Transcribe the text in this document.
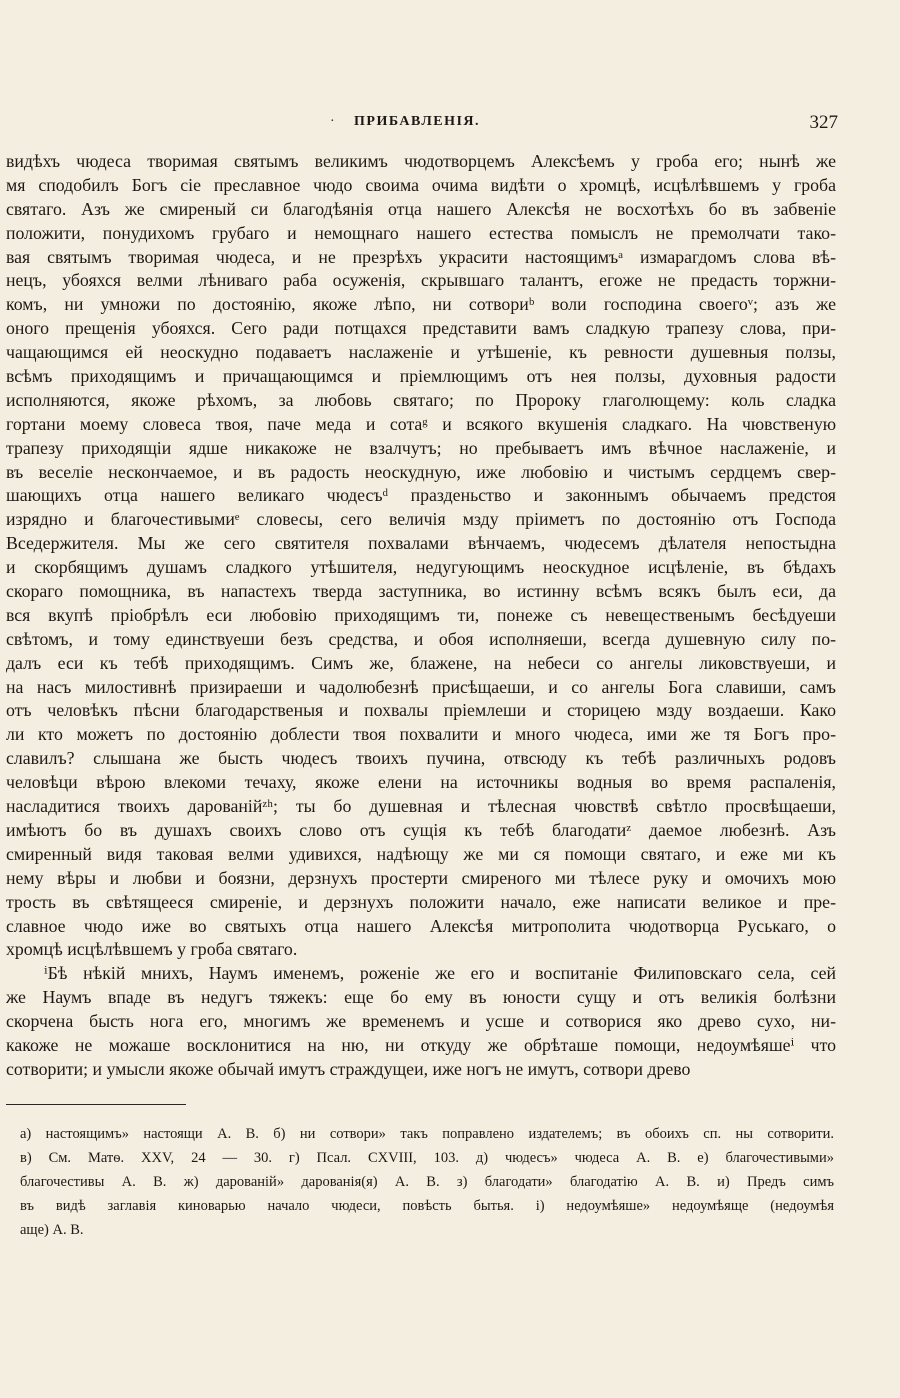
· ПРИБАВЛЕНІЯ.	327
видѣхъ чюдеса творимая святымъ великимъ чюдотворцемъ Алексѣемъ у гроба его; нынѣ же
мя сподобилъ Богъ сіе преславное чюдо своима очима видѣти о хромцѣ, исцѣлѣвшемъ у гроба
святаго. Азъ же смиреный си благодѣянія отца нашего Алексѣя не восхотѣхъ бо въ забвеніе
положити, понудихомъ грубаго и немощнаго нашего естества помыслъ не премолчати тако-
вая святымъ творимая чюдеса, и не презрѣхъ украсити настоящимъᵃ измарагдомъ слова вѣ-
нецъ, убояхся велми лѣниваго раба осуженія, скрывшаго талантъ, егоже не предасть торжни-
комъ, ни умножи по достоянію, якоже лѣпо, ни сотвориᵇ воли господина своегоᵛ; азъ же
оного прещенія убояхся. Сего ради потщахся представити вамъ сладкую трапезу слова, при-
чащающимся ей неоскудно подаваетъ наслаженіе и утѣшеніе, къ ревности душевныя ползы,
всѣмъ приходящимъ и причащающимся и пріемлющимъ отъ нея ползы, духовныя радости
исполняются, якоже рѣхомъ, за любовь святаго; по Пророку глаголющему: коль сладка
гортани моему словеса твоя, паче меда и сотаᵍ и всякого вкушенія сладкаго. На чювственую
трапезу приходящіи ядше никакоже не взалчутъ; но пребываетъ имъ вѣчное наслаженіе, и
въ веселіе нескончаемое, и въ радость неоскудную, иже любовію и чистымъ сердцемъ свер-
шающихъ отца нашего великаго чюдесъᵈ празденьство и законнымъ обычаемъ предстоя
изрядно и благочестивымиᵉ словесы, сего величія мзду пріиметъ по достоянію отъ Господа
Вседержителя. Мы же сего святителя похвалами вѣнчаемъ, чюдесемъ дѣлателя непостыдна
и скорбящимъ душамъ сладкого утѣшителя, недугующимъ неоскудное исцѣленіе, въ бѣдахъ
скораго помощника, въ напастехъ тверда заступника, во истинну всѣмъ всякъ былъ еси, да
вся вкупѣ пріобрѣлъ еси любовію приходящимъ ти, понеже съ невещественымъ бесѣдуеши
свѣтомъ, и тому единствуеши безъ средства, и обоя исполняеши, всегда душевную силу по-
далъ еси къ тебѣ приходящимъ. Симъ же, блажене, на небеси со ангелы ликовствуеши, и
на насъ милостивнѣ призираеши и чадолюбезнѣ присѣщаеши, и со ангелы Бога славиши, самъ
отъ человѣкъ пѣсни благодарственыя и похвалы пріемлеши и сторицею мзду воздаеши. Како
ли кто можетъ по достоянію доблести твоя похвалити и много чюдеса, ими же тя Богъ про-
славилъ? слышана же бысть чюдесъ твоихъ пучина, отвсюду къ тебѣ различныхъ родовъ
человѣци вѣрою влекоми течаху, якоже елени на источникы водныя во время распаленія,
насладитися твоихъ дарованійᶻʰ; ты бо душевная и тѣлесная чювствѣ свѣтло просвѣщаеши,
имѣютъ бо въ душахъ своихъ слово отъ сущія къ тебѣ благодатиᶻ даемое любезнѣ. Азъ
смиренный видя таковая велми удивихся, надѣющу же ми ся помощи святаго, и еже ми къ
нему вѣры и любви и боязни, дерзнухъ простерти смиреного ми тѣлесе руку и омочихъ мою
трость въ свѣтящееся смиреніе, и дерзнухъ положити начало, еже написати великое и пре-
славное чюдо иже во святыхъ отца нашего Алексѣя митрополита чюдотворца Руськаго, о
хромцѣ исцѣлѣвшемъ у гроба святаго.
ⁱБѣ нѣкій мнихъ, Наумъ именемъ, роженіе же его и воспитаніе Филиповскаго села, сей
же Наумъ впаде въ недугъ тяжекъ: еще бо ему въ юности сущу и отъ великія болѣзни
скорчена бысть нога его, многимъ же временемъ и усше и сотворися яко древо сухо, ни-
какоже не можаше восклонитися на ню, ни откуду же обрѣташе помощи, недоумѣяшеⁱ что
сотворити; и умысли якоже обычай имутъ страждущеи, иже ногъ не имутъ, сотвори древо
а) настоящимъ» настоящи А. В. б) ни сотвори» такъ поправлено издателемъ; въ обоихъ сп. ны сотворити.
в) См. Матѳ. XXV, 24 — 30. г) Псал. CXVIII, 103. д) чюдесъ» чюдеса А. В. е) благочестивыми»
благочестивы А. В. ж) дарованій» дарованія(я) А. В. з) благодати» благодатію А. В. и) Предъ симъ
въ видѣ заглавія киноварью начало чюдеси, повѣсть бытья. і) недоумѣяше» недоумѣяще (недоумѣя
аще) А. В.
